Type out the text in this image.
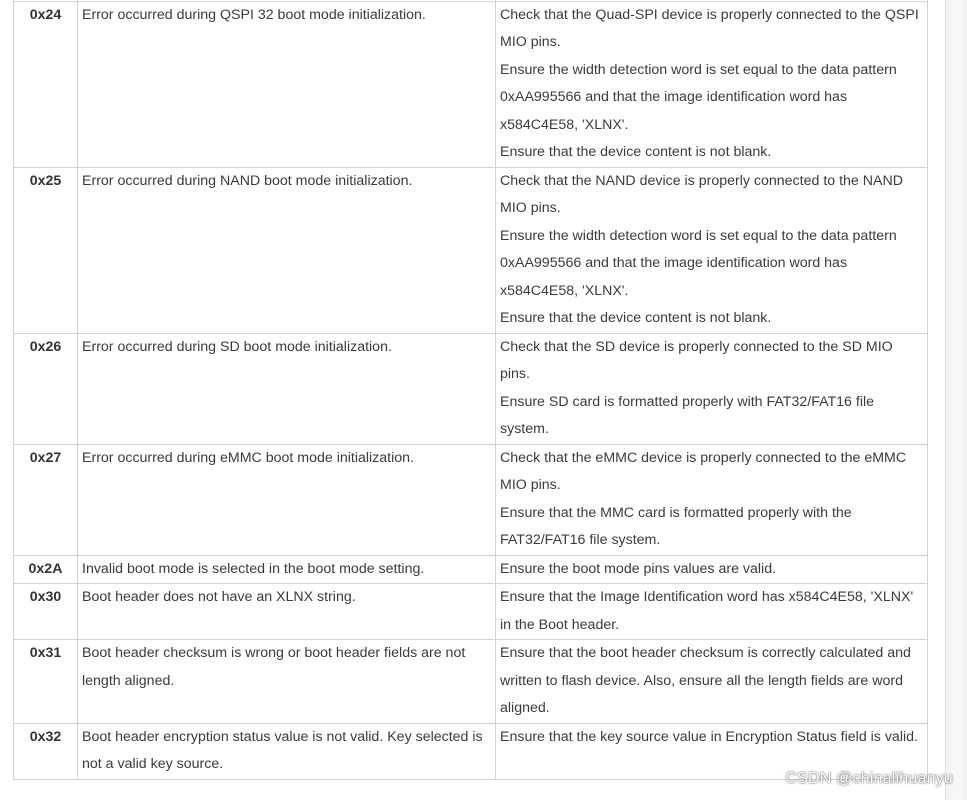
0x24	Error occurred during QSPI 32 boot mode initialization.	Check that the Quad-SPI device is properly connected to the QSPI MIO pins.

Ensure the width detection word is set equal to the data pattern 0xAA995566 and that the image identification word has x584C4E58, 'XLNX'.

Ensure that the device content is not blank.

0x25	Error occurred during NAND boot mode initialization.	Check that the NAND device is properly connected to the NAND MIO pins.

Ensure the width detection word is set equal to the data pattern 0xAA995566 and that the image identification word has x584C4E58, 'XLNX'.

Ensure that the device content is not blank.

0x26	Error occurred during SD boot mode initialization.	Check that the SD device is properly connected to the SD MIO pins.

Ensure SD card is formatted properly with FAT32/FAT16 file system.

0x27	Error occurred during eMMC boot mode initialization.	Check that the eMMC device is properly connected to the eMMC MIO pins.

Ensure that the MMC card is formatted properly with the FAT32/FAT16 file system.

0x2A	Invalid boot mode is selected in the boot mode setting.	Ensure the boot mode pins values are valid.

0x30	Boot header does not have an XLNX string.	Ensure that the Image Identification word has x584C4E58, 'XLNX' in the Boot header.

0x31	Boot header checksum is wrong or boot header fields are not length aligned.	Ensure that the boot header checksum is correctly calculated and written to flash device. Also, ensure all the length fields are word aligned.

0x32	Boot header encryption status value is not valid. Key selected is not a valid key source.	Ensure that the key source value in Encryption Status field is valid.

CSDN @chinalihuanyu
